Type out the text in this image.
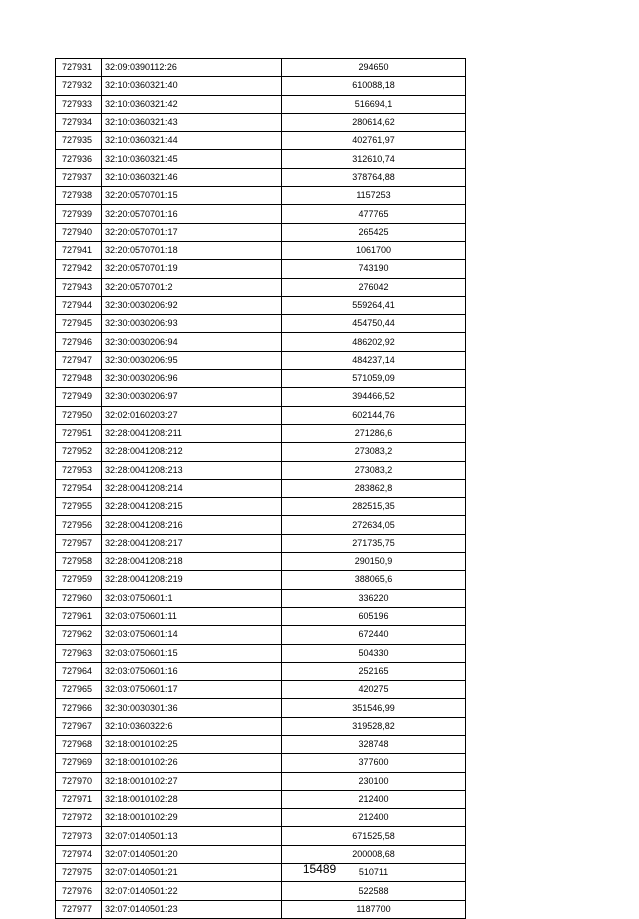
727931	32:09:0390112:26	294650
727932	32:10:0360321:40	610088,18
727933	32:10:0360321:42	516694,1
727934	32:10:0360321:43	280614,62
727935	32:10:0360321:44	402761,97
727936	32:10:0360321:45	312610,74
727937	32:10:0360321:46	378764,88
727938	32:20:0570701:15	1157253
727939	32:20:0570701:16	477765
727940	32:20:0570701:17	265425
727941	32:20:0570701:18	1061700
727942	32:20:0570701:19	743190
727943	32:20:0570701:2	276042
727944	32:30:0030206:92	559264,41
727945	32:30:0030206:93	454750,44
727946	32:30:0030206:94	486202,92
727947	32:30:0030206:95	484237,14
727948	32:30:0030206:96	571059,09
727949	32:30:0030206:97	394466,52
727950	32:02:0160203:27	602144,76
727951	32:28:0041208:211	271286,6
727952	32:28:0041208:212	273083,2
727953	32:28:0041208:213	273083,2
727954	32:28:0041208:214	283862,8
727955	32:28:0041208:215	282515,35
727956	32:28:0041208:216	272634,05
727957	32:28:0041208:217	271735,75
727958	32:28:0041208:218	290150,9
727959	32:28:0041208:219	388065,6
727960	32:03:0750601:1	336220
727961	32:03:0750601:11	605196
727962	32:03:0750601:14	672440
727963	32:03:0750601:15	504330
727964	32:03:0750601:16	252165
727965	32:03:0750601:17	420275
727966	32:30:0030301:36	351546,99
727967	32:10:0360322:6	319528,82
727968	32:18:0010102:25	328748
727969	32:18:0010102:26	377600
727970	32:18:0010102:27	230100
727971	32:18:0010102:28	212400
727972	32:18:0010102:29	212400
727973	32:07:0140501:13	671525,58
727974	32:07:0140501:20	200008,68
727975	32:07:0140501:21	510711
727976	32:07:0140501:22	522588
727977	32:07:0140501:23	1187700
15489
